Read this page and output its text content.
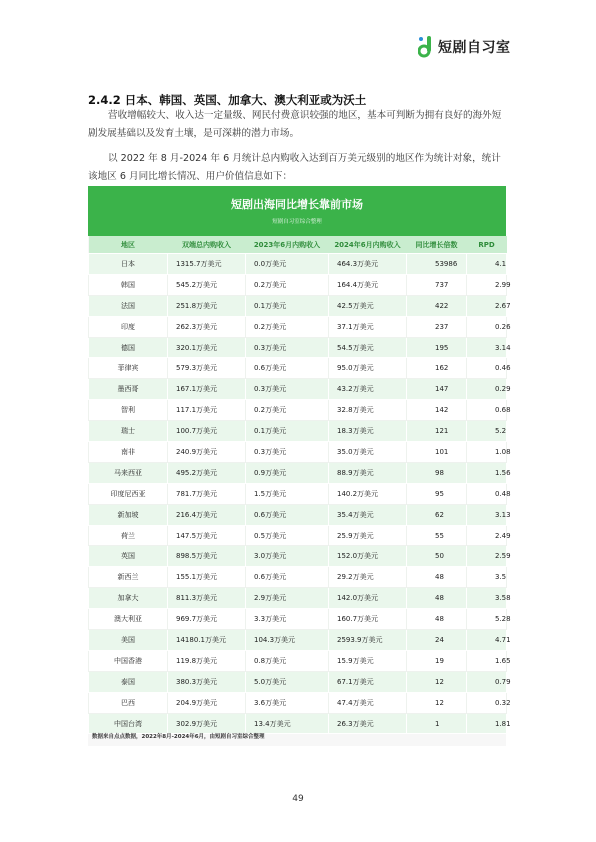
短剧自习室
2.4.2 日本、韩国、英国、加拿大、澳大利亚或为沃土
营收增幅较大、收入达一定量级、网民付费意识较强的地区，基本可判断为拥有良好的海外短剧发展基础以及发育土壤，是可深耕的潜力市场。
以 2022 年 8 月-2024 年 6 月统计总内购收入达到百万美元级别的地区作为统计对象，统计该地区 6 月同比增长情况、用户价值信息如下：
短剧出海同比增长靠前市场
短剧自习室综合整理
地区	双端总内购收入	2023年6月内购收入	2024年6月内购收入	同比增长倍数	RPD
日本	1315.7万美元	0.0万美元	464.3万美元	53986	4.1
韩国	545.2万美元	0.2万美元	164.4万美元	737	2.99
法国	251.8万美元	0.1万美元	42.5万美元	422	2.67
印度	262.3万美元	0.2万美元	37.1万美元	237	0.26
德国	320.1万美元	0.3万美元	54.5万美元	195	3.14
菲律宾	579.3万美元	0.6万美元	95.0万美元	162	0.46
墨西哥	167.1万美元	0.3万美元	43.2万美元	147	0.29
智利	117.1万美元	0.2万美元	32.8万美元	142	0.68
瑞士	100.7万美元	0.1万美元	18.3万美元	121	5.2
南非	240.9万美元	0.3万美元	35.0万美元	101	1.08
马来西亚	495.2万美元	0.9万美元	88.9万美元	98	1.56
印度尼西亚	781.7万美元	1.5万美元	140.2万美元	95	0.48
新加坡	216.4万美元	0.6万美元	35.4万美元	62	3.13
荷兰	147.5万美元	0.5万美元	25.9万美元	55	2.49
英国	898.5万美元	3.0万美元	152.0万美元	50	2.59
新西兰	155.1万美元	0.6万美元	29.2万美元	48	3.5
加拿大	811.3万美元	2.9万美元	142.0万美元	48	3.58
澳大利亚	969.7万美元	3.3万美元	160.7万美元	48	5.28
美国	14180.1万美元	104.3万美元	2593.9万美元	24	4.71
中国香港	119.8万美元	0.8万美元	15.9万美元	19	1.65
泰国	380.3万美元	5.0万美元	67.1万美元	12	0.79
巴西	204.9万美元	3.6万美元	47.4万美元	12	0.32
中国台湾	302.9万美元	13.4万美元	26.3万美元	1	1.81
数据来自点点数据，2022年8月-2024年6月，由短剧自习室综合整理
49
